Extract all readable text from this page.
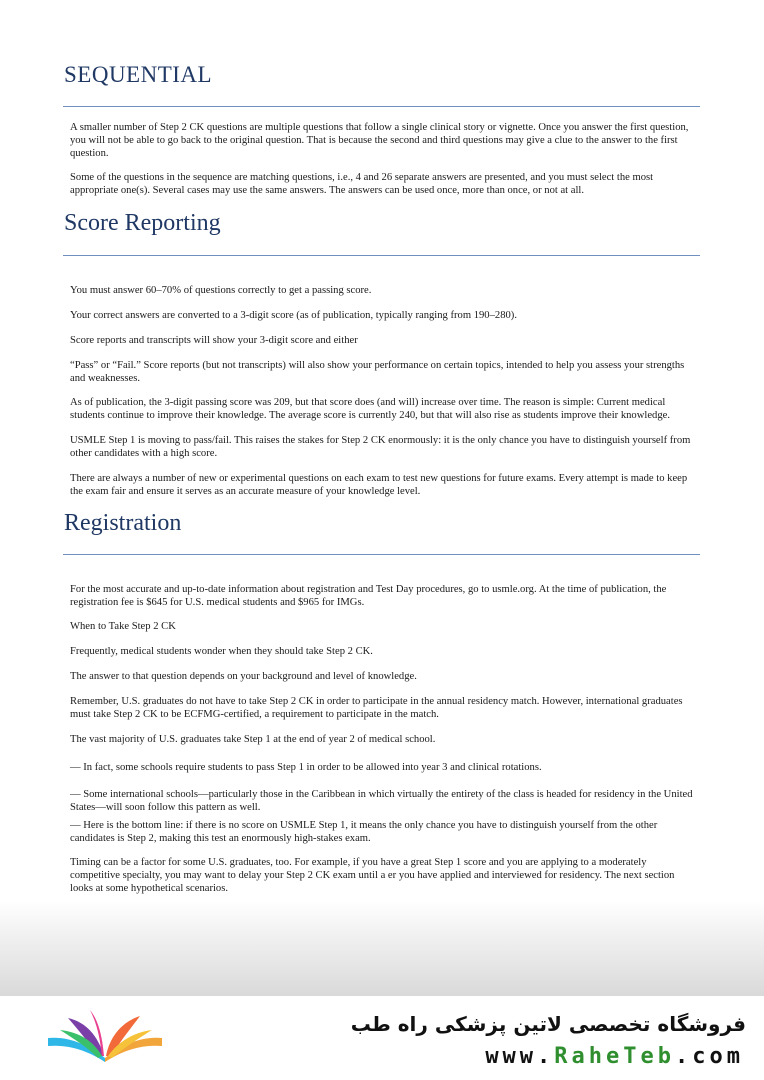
SEQUENTIAL

A smaller number of Step 2 CK questions are multiple questions that follow a single clinical story or vignette. Once you answer the first question, you will not be able to go back to the original question. That is because the second and third questions may give a clue to the answer to the first question.

Some of the questions in the sequence are matching questions, i.e., 4 and 26 separate answers are presented, and you must select the most appropriate one(s). Several cases may use the same answers. The answers can be used once, more than once, or not at all.

Score Reporting

You must answer 60–70% of questions correctly to get a passing score.

Your correct answers are converted to a 3-digit score (as of publication, typically ranging from 190–280).

Score reports and transcripts will show your 3-digit score and either

“Pass” or “Fail.” Score reports (but not transcripts) will also show your performance on certain topics, intended to help you assess your strengths and weaknesses.

As of publication, the 3-digit passing score was 209, but that score does (and will) increase over time. The reason is simple: Current medical students continue to improve their knowledge. The average score is currently 240, but that will also rise as students improve their knowledge.

USMLE Step 1 is moving to pass/fail. This raises the stakes for Step 2 CK enormously: it is the only chance you have to distinguish yourself from other candidates with a high score.

There are always a number of new or experimental questions on each exam to test new questions for future exams. Every attempt is made to keep the exam fair and ensure it serves as an accurate measure of your knowledge level.

Registration

For the most accurate and up-to-date information about registration and Test Day procedures, go to usmle.org. At the time of publication, the registration fee is $645 for U.S. medical students and $965 for IMGs.

When to Take Step 2 CK

Frequently, medical students wonder when they should take Step 2 CK.

The answer to that question depends on your background and level of knowledge.

Remember, U.S. graduates do not have to take Step 2 CK in order to participate in the annual residency match. However, international graduates must take Step 2 CK to be ECFMG-certified, a requirement to participate in the match.

The vast majority of U.S. graduates take Step 1 at the end of year 2 of medical school.

— In fact, some schools require students to pass Step 1 in order to be allowed into year 3 and clinical rotations.

— Some international schools—particularly those in the Caribbean in which virtually the entirety of the class is headed for residency in the United States—will soon follow this pattern as well.

— Here is the bottom line: if there is no score on USMLE Step 1, it means the only chance you have to distinguish yourself from the other candidates is Step 2, making this test an enormously high-stakes exam.

Timing can be a factor for some U.S. graduates, too. For example, if you have a great Step 1 score and you are applying to a moderately competitive specialty, you may want to delay your Step 2 CK exam until a er you have applied and interviewed for residency. The next section looks at some hypothetical scenarios.

فروشگاه تخصصی لاتین پزشکی راه طب
www.RaheTeb.com
